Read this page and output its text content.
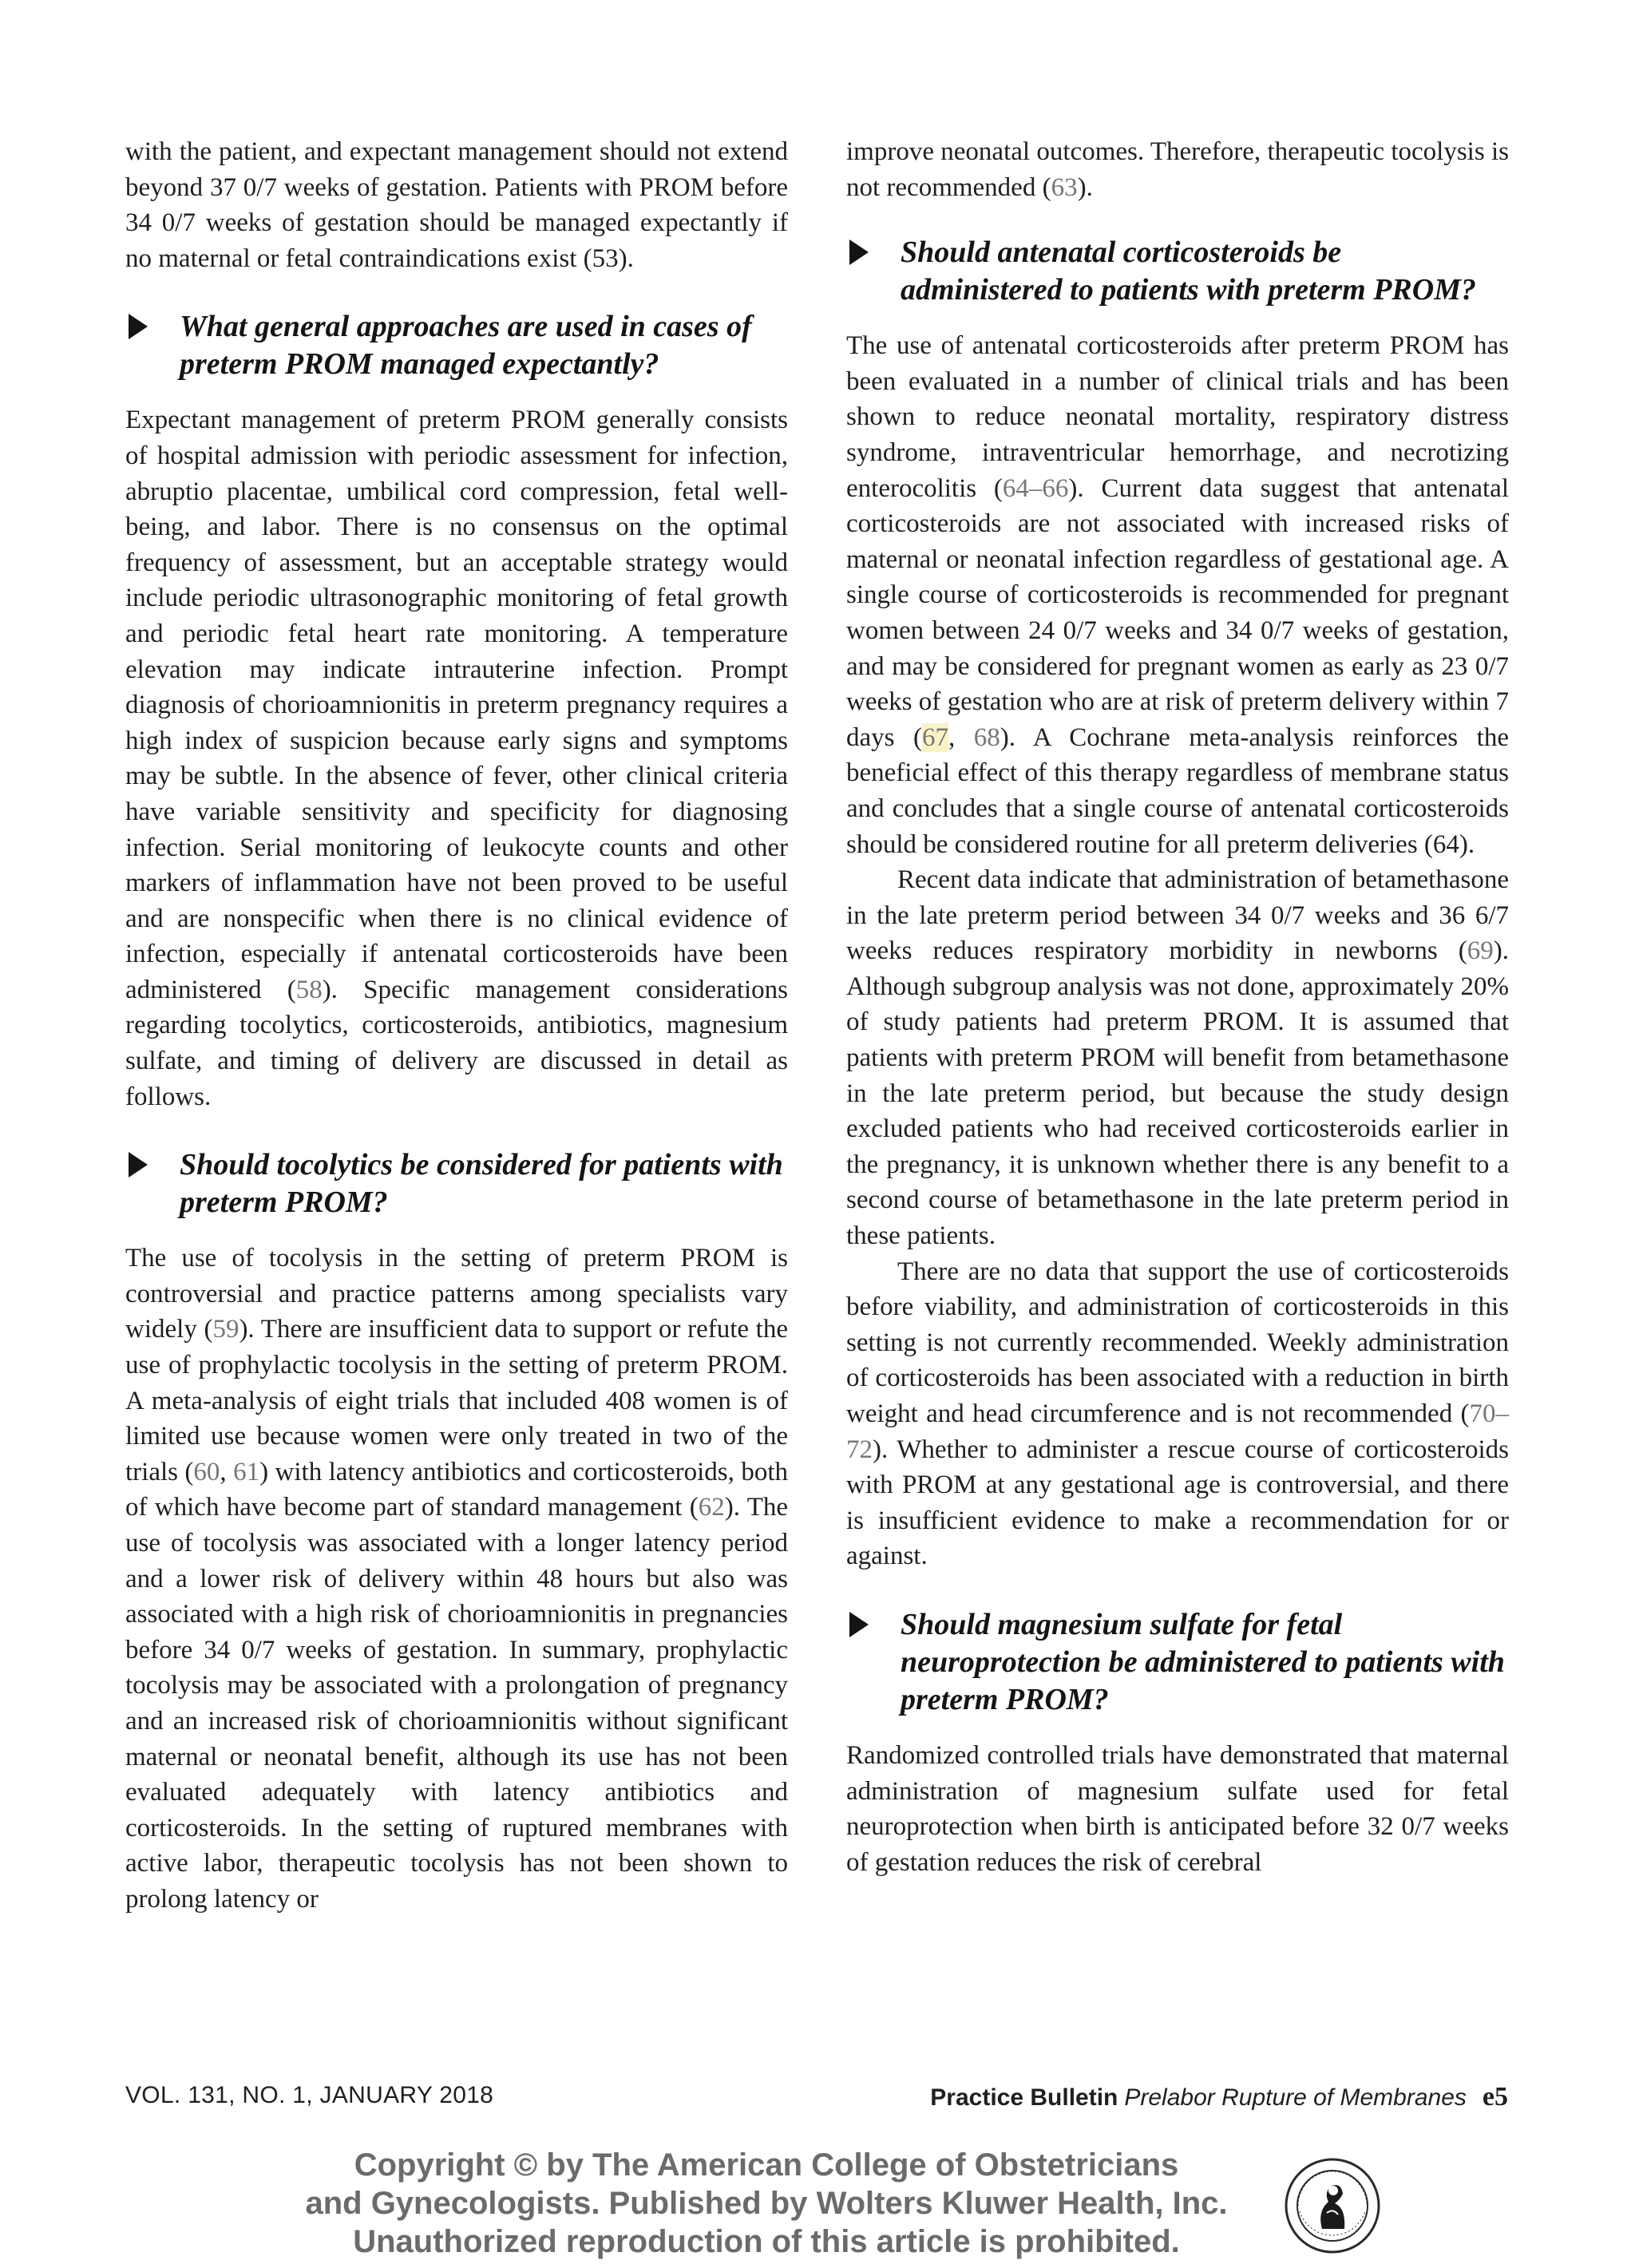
with the patient, and expectant management should not extend beyond 37 0/7 weeks of gestation. Patients with PROM before 34 0/7 weeks of gestation should be managed expectantly if no maternal or fetal contraindications exist (53).

What general approaches are used in cases of preterm PROM managed expectantly?

Expectant management of preterm PROM generally consists of hospital admission with periodic assessment for infection, abruptio placentae, umbilical cord compression, fetal well-being, and labor. There is no consensus on the optimal frequency of assessment, but an acceptable strategy would include periodic ultrasonographic monitoring of fetal growth and periodic fetal heart rate monitoring. A temperature elevation may indicate intrauterine infection. Prompt diagnosis of chorioamnionitis in preterm pregnancy requires a high index of suspicion because early signs and symptoms may be subtle. In the absence of fever, other clinical criteria have variable sensitivity and specificity for diagnosing infection. Serial monitoring of leukocyte counts and other markers of inflammation have not been proved to be useful and are nonspecific when there is no clinical evidence of infection, especially if antenatal corticosteroids have been administered (58). Specific management considerations regarding tocolytics, corticosteroids, antibiotics, magnesium sulfate, and timing of delivery are discussed in detail as follows.

Should tocolytics be considered for patients with preterm PROM?

The use of tocolysis in the setting of preterm PROM is controversial and practice patterns among specialists vary widely (59). There are insufficient data to support or refute the use of prophylactic tocolysis in the setting of preterm PROM. A meta-analysis of eight trials that included 408 women is of limited use because women were only treated in two of the trials (60, 61) with latency antibiotics and corticosteroids, both of which have become part of standard management (62). The use of tocolysis was associated with a longer latency period and a lower risk of delivery within 48 hours but also was associated with a high risk of chorioamnionitis in pregnancies before 34 0/7 weeks of gestation. In summary, prophylactic tocolysis may be associated with a prolongation of pregnancy and an increased risk of chorioamnionitis without significant maternal or neonatal benefit, although its use has not been evaluated adequately with latency antibiotics and corticosteroids. In the setting of ruptured membranes with active labor, therapeutic tocolysis has not been shown to prolong latency or

improve neonatal outcomes. Therefore, therapeutic tocolysis is not recommended (63).

Should antenatal corticosteroids be administered to patients with preterm PROM?

The use of antenatal corticosteroids after preterm PROM has been evaluated in a number of clinical trials and has been shown to reduce neonatal mortality, respiratory distress syndrome, intraventricular hemorrhage, and necrotizing enterocolitis (64–66). Current data suggest that antenatal corticosteroids are not associated with increased risks of maternal or neonatal infection regardless of gestational age. A single course of corticosteroids is recommended for pregnant women between 24 0/7 weeks and 34 0/7 weeks of gestation, and may be considered for pregnant women as early as 23 0/7 weeks of gestation who are at risk of preterm delivery within 7 days (67, 68). A Cochrane meta-analysis reinforces the beneficial effect of this therapy regardless of membrane status and concludes that a single course of antenatal corticosteroids should be considered routine for all preterm deliveries (64).

Recent data indicate that administration of betamethasone in the late preterm period between 34 0/7 weeks and 36 6/7 weeks reduces respiratory morbidity in newborns (69). Although subgroup analysis was not done, approximately 20% of study patients had preterm PROM. It is assumed that patients with preterm PROM will benefit from betamethasone in the late preterm period, but because the study design excluded patients who had received corticosteroids earlier in the pregnancy, it is unknown whether there is any benefit to a second course of betamethasone in the late preterm period in these patients.

There are no data that support the use of corticosteroids before viability, and administration of corticosteroids in this setting is not currently recommended. Weekly administration of corticosteroids has been associated with a reduction in birth weight and head circumference and is not recommended (70–72). Whether to administer a rescue course of corticosteroids with PROM at any gestational age is controversial, and there is insufficient evidence to make a recommendation for or against.

Should magnesium sulfate for fetal neuroprotection be administered to patients with preterm PROM?

Randomized controlled trials have demonstrated that maternal administration of magnesium sulfate used for fetal neuroprotection when birth is anticipated before 32 0/7 weeks of gestation reduces the risk of cerebral

VOL. 131, NO. 1, JANUARY 2018	Practice Bulletin Prelabor Rupture of Membranes e5
Copyright © by The American College of Obstetricians
and Gynecologists. Published by Wolters Kluwer Health, Inc.
Unauthorized reproduction of this article is prohibited.
